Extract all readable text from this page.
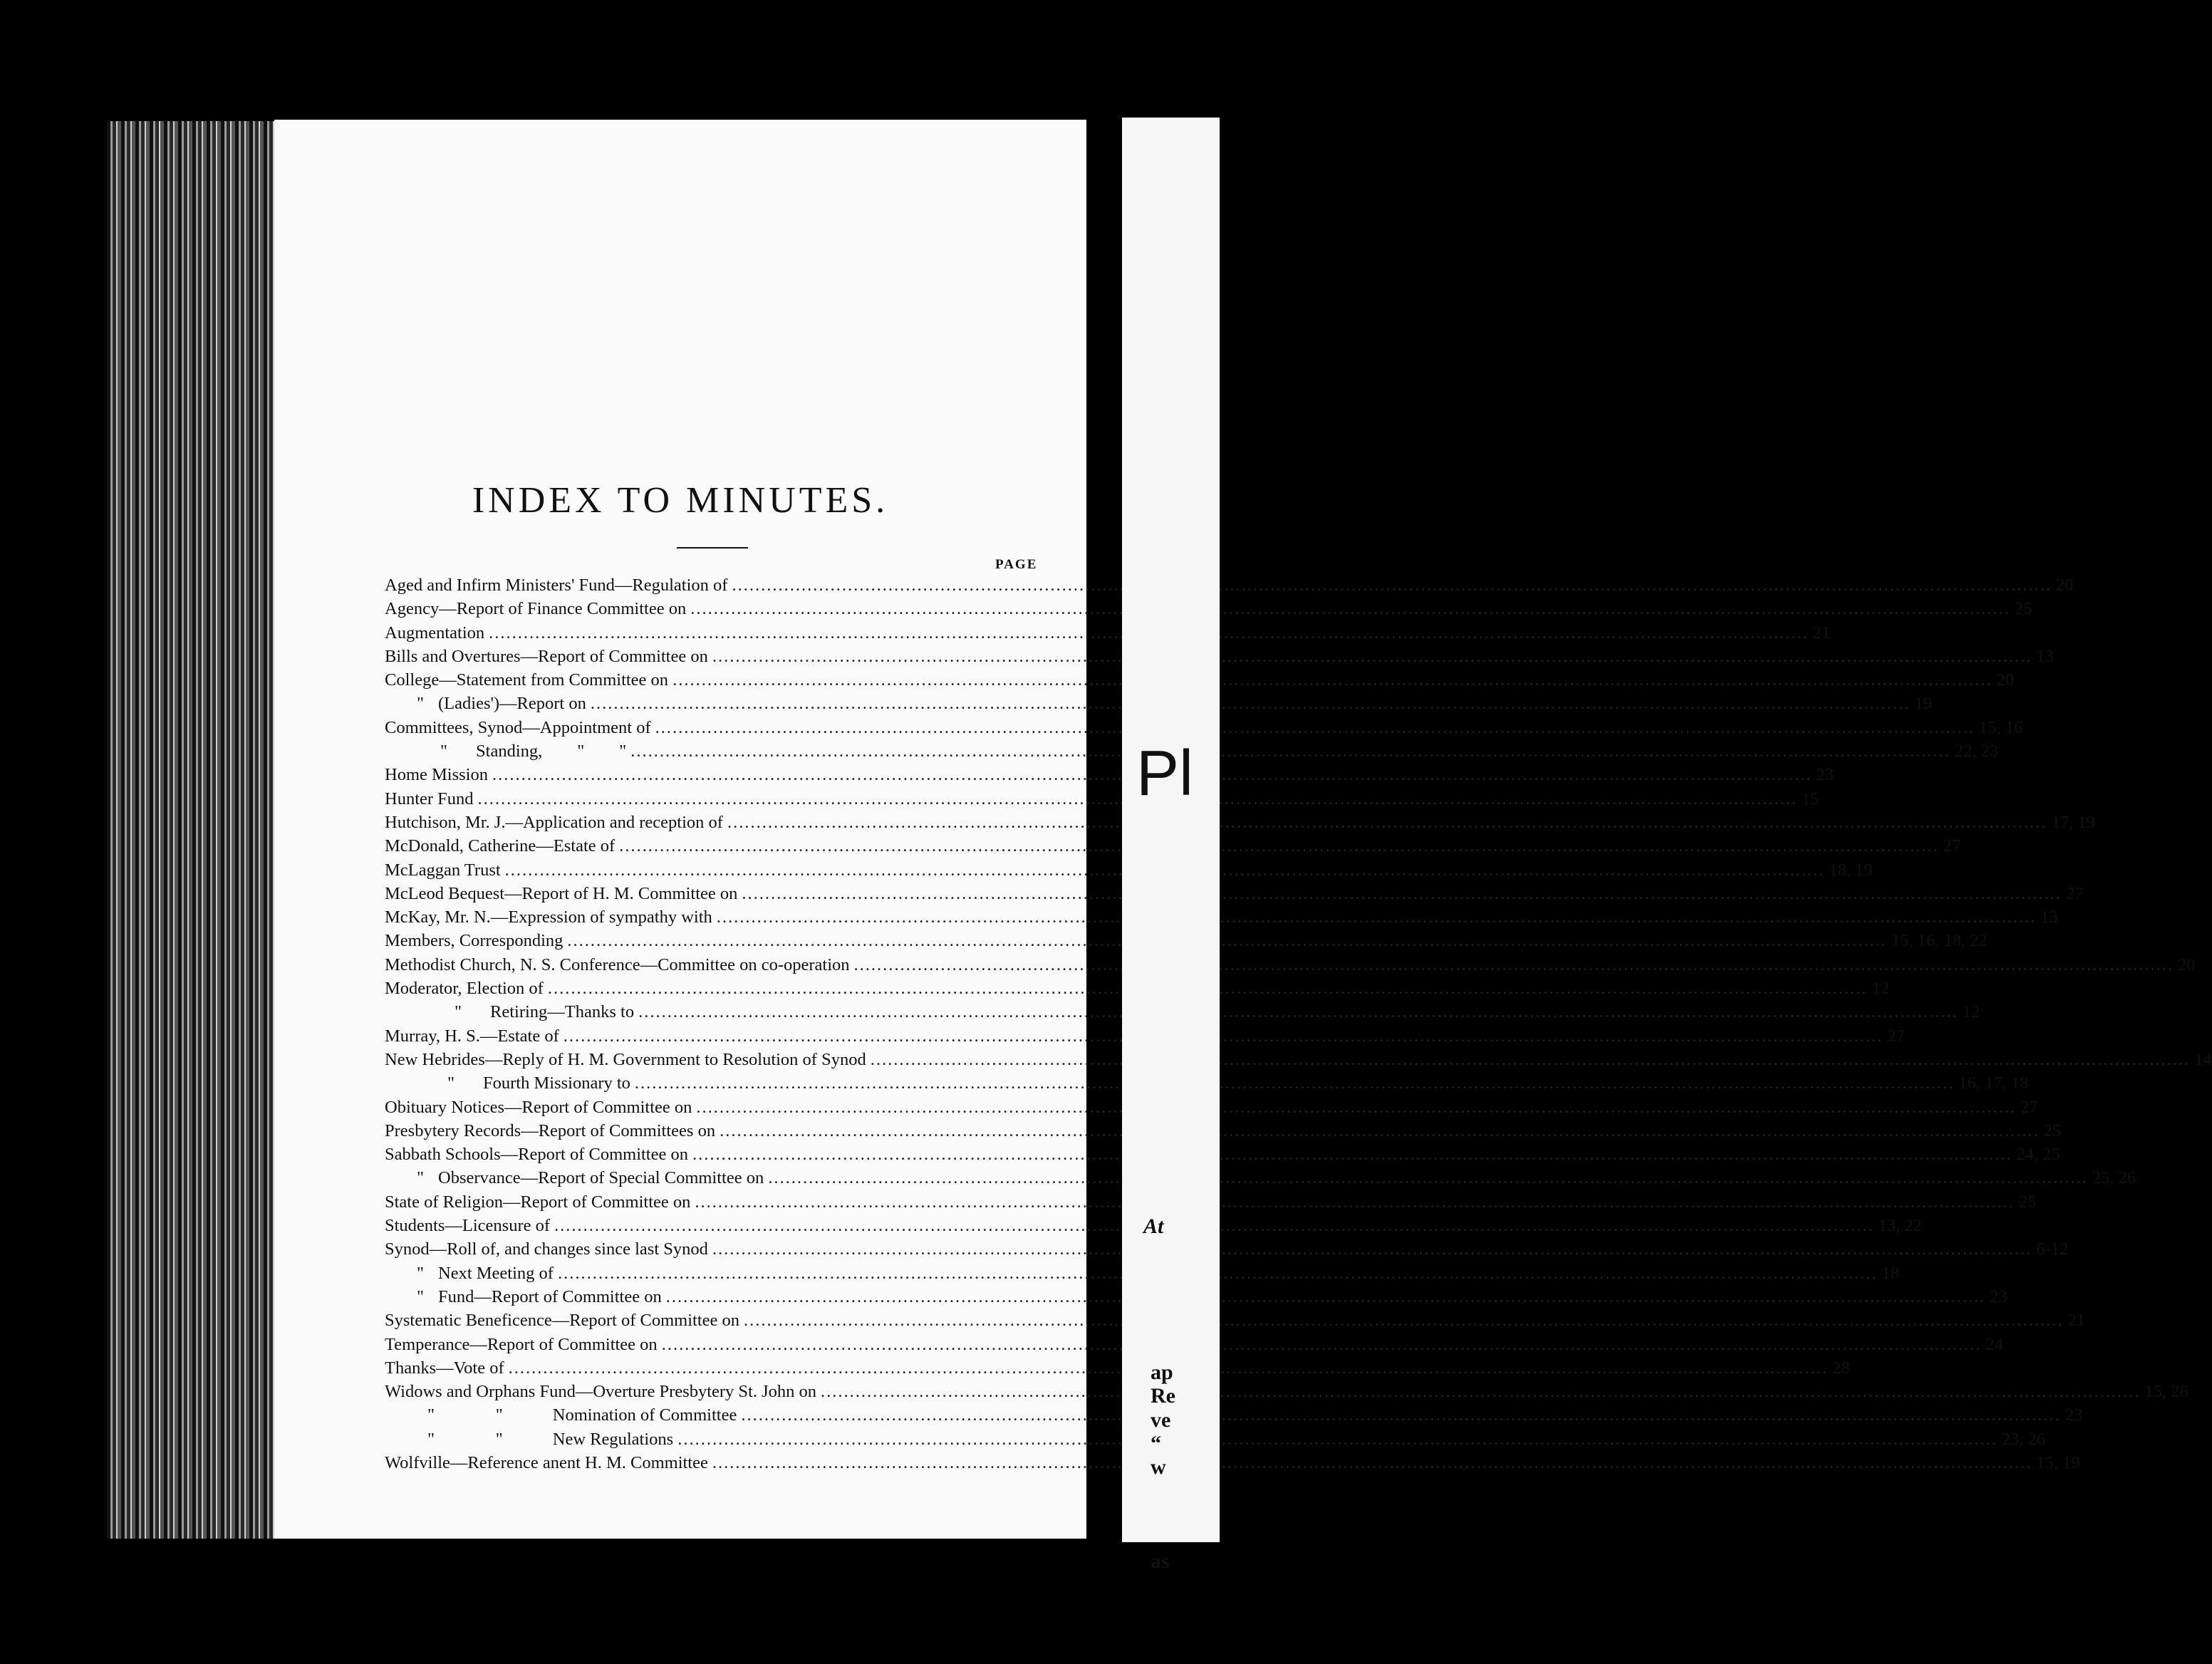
INDEX TO MINUTES.
PAGE
Aged and Infirm Ministers' Fund—Regulation of .....	20
Agency—Report of Finance Committee on .....	25
Augmentation .....	21
Bills and Overtures—Report of Committee on .....	13
College—Statement from Committee on .....	20
" (Ladies')—Report on .....	19
Committees, Synod—Appointment of .....	15, 16
" Standing,        "        " .....	22, 23
Home Mission .....	23
Hunter Fund .....	15
Hutchison, Mr. J.—Application and reception of .....	17, 19
McDonald, Catherine—Estate of .....	27
McLaggan Trust .....	18, 19
McLeod Bequest—Report of H. M. Committee on .....	27
McKay, Mr. N.—Expression of sympathy with .....	13
Members, Corresponding .....	15, 16, 18, 22
Methodist Church, N. S. Conference—Committee on co-operation .....	20
Moderator, Election of .....	12
" Retiring—Thanks to .....	12
Murray, H. S.—Estate of .....	27
New Hebrides—Reply of H. M. Government to Resolution of Synod .....	14
" Fourth Missionary to .....	16, 17, 18
Obituary Notices—Report of Committee on .....	27
Presbytery Records—Report of Committees on .....	25
Sabbath Schools—Report of Committee on .....	24, 25
" Observance—Report of Special Committee on .....	25, 26
State of Religion—Report of Committee on .....	25
Students—Licensure of .....	13, 22
Synod—Roll of, and changes since last Synod .....	6-12
" Next Meeting of .....	18
" Fund—Report of Committee on .....	23
Systematic Beneficence—Report of Committee on .....	21
Temperance—Report of Committee on .....	24
Thanks—Vote of .....	28
Widows and Orphans Fund—Overture Presbytery St. John on .....	15, 26
"              "	Nomination of Committee .....	23
"              "	New Regulations .....	23, 26
Wolfville—Reference anent H. M. Committee .....	15, 19
Pl
At
ap
Re
ve
“
w
as
